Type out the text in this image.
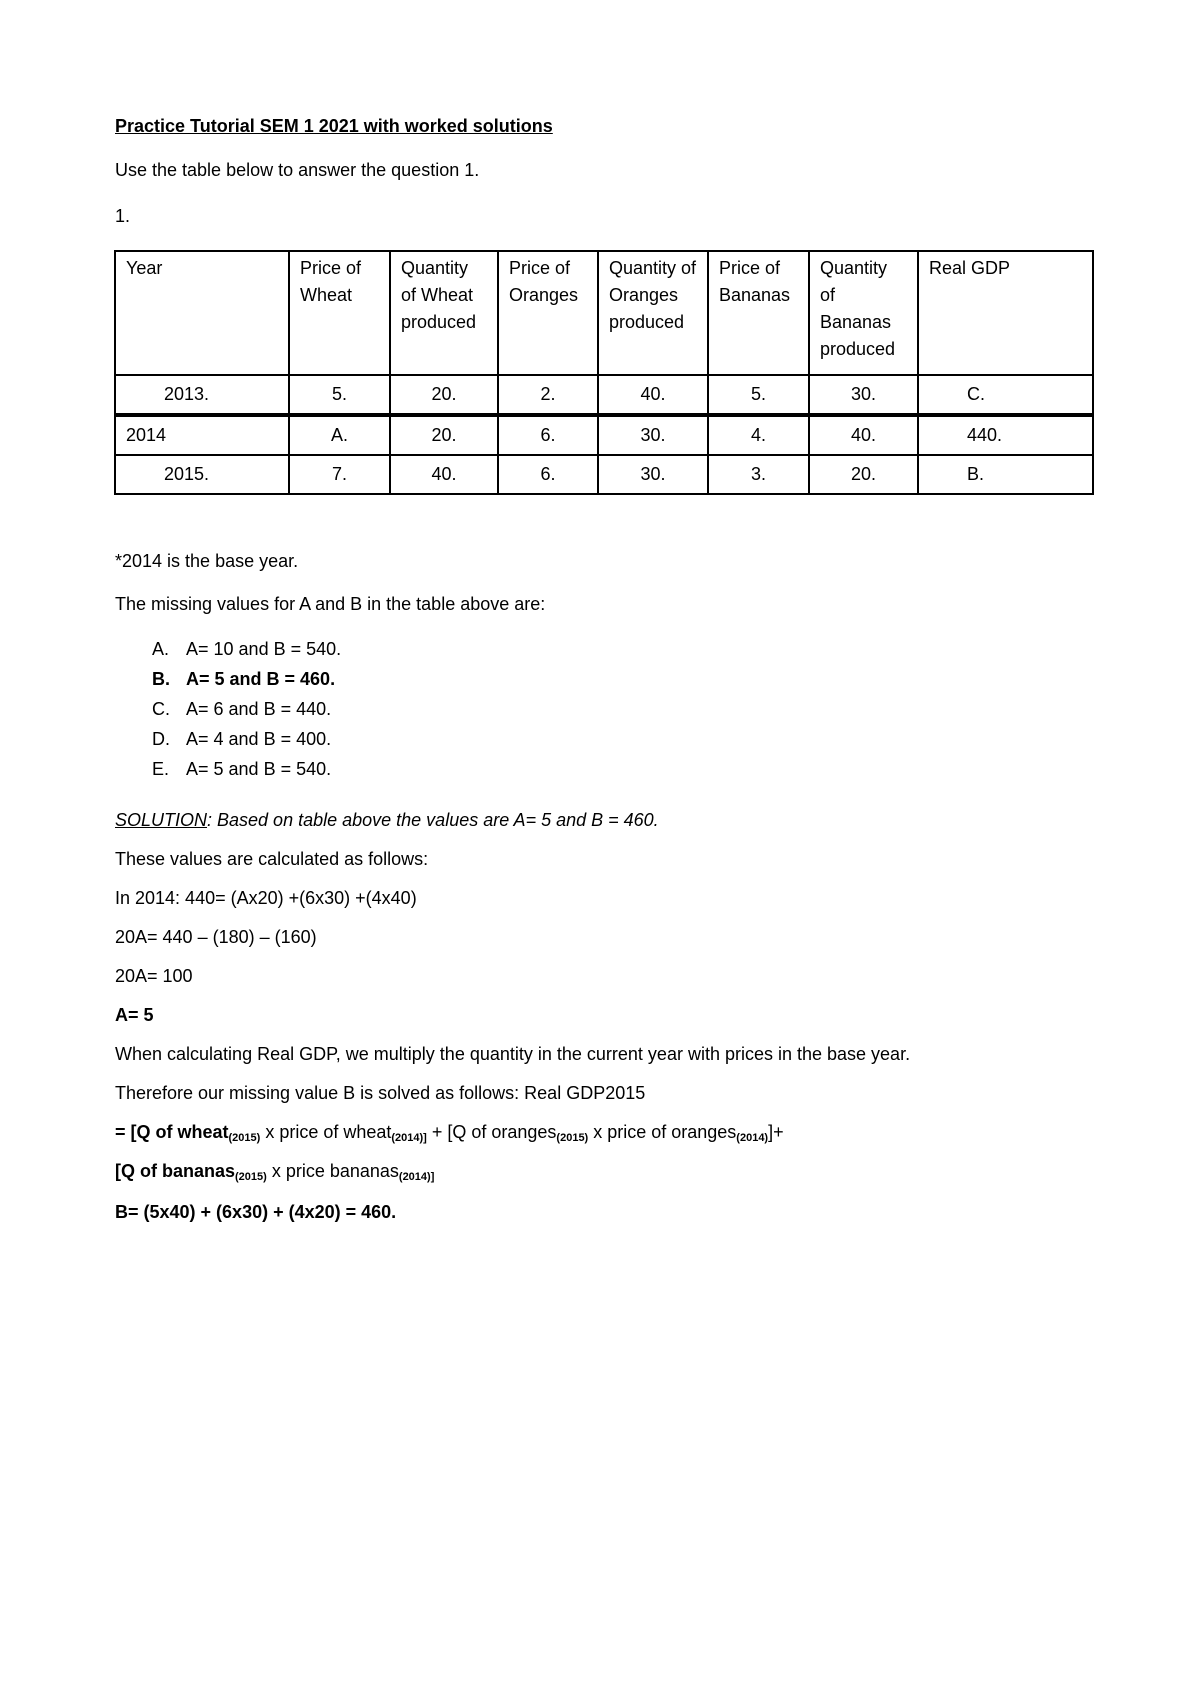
Practice Tutorial SEM 1 2021 with worked solutions
Use the table below to answer the question 1.
1.
Year	Price of Wheat	Quantity of Wheat produced	Price of Oranges	Quantity of Oranges produced	Price of Bananas	Quantity of Bananas produced	Real GDP
2013.	5.	20.	2.	40.	5.	30.	C.
2014	A.	20.	6.	30.	4.	40.	440.
2015.	7.	40.	6.	30.	3.	20.	B.
*2014 is the base year.
The missing values for A and B in the table above are:
A. A= 10 and B = 540.
B. A= 5 and B = 460.
C. A= 6 and B = 440.
D. A= 4 and B = 400.
E. A= 5 and B = 540.
SOLUTION: Based on table above the values are A= 5 and B = 460.
These values are calculated as follows:
In 2014: 440= (Ax20) +(6x30) +(4x40)
20A= 440 – (180) – (160)
20A= 100
A= 5
When calculating Real GDP, we multiply the quantity in the current year with prices in the base year.
Therefore our missing value B is solved as follows: Real GDP2015
= [Q of wheat$_{(2015)}$ x price of wheat$_{(2014)]}$ + [Q of oranges$_{(2015)}$ x price of oranges$_{(2014)}$]+
[Q of bananas$_{(2015)}$ x price bananas$_{(2014)]}$
B= (5x40) + (6x30) + (4x20) = 460.
